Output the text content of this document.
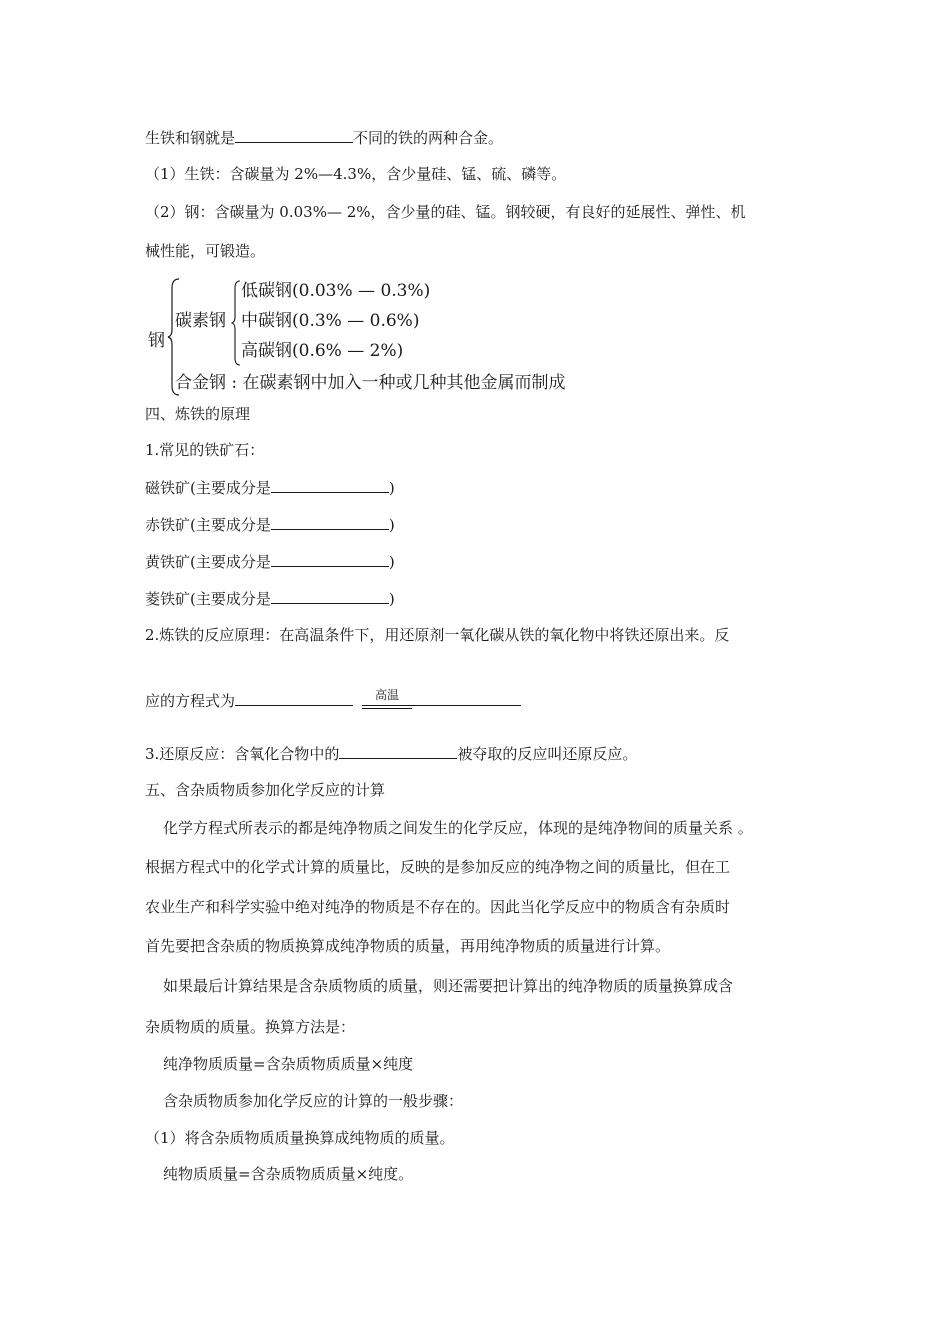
生铁和钢就是	不同的铁的两种合金。
（1）生铁：含碳量为 2%—4.3%，含少量硅、锰、硫、磷等。
（2）钢：含碳量为 0.03%— 2%，含少量的硅、锰。钢较硬，有良好的延展性、弹性、机
械性能，可锻造。
钢
碳素钢
低碳钢(0.03% — 0.3%)
中碳钢(0.3% — 0.6%)
高碳钢(0.6% — 2%)
合金钢 : 在碳素钢中加入一种或几种其他金属而制成
四、炼铁的原理
1.常见的铁矿石：
磁铁矿(主要成分是	)
赤铁矿(主要成分是	)
黄铁矿(主要成分是	)
菱铁矿(主要成分是	)
2.炼铁的反应原理：在高温条件下，用还原剂一氧化碳从铁的氧化物中将铁还原出来。反
应的方程式为	高温
3.还原反应：含氧化合物中的	被夺取的反应叫还原反应。
五、含杂质物质参加化学反应的计算
化学方程式所表示的都是纯净物质之间发生的化学反应，体现的是纯净物间的质量关系 。
根据方程式中的化学式计算的质量比，反映的是参加反应的纯净物之间的质量比，但在工
农业生产和科学实验中绝对纯净的物质是不存在的。因此当化学反应中的物质含有杂质时
首先要把含杂质的物质换算成纯净物质的质量，再用纯净物质的质量进行计算。
如果最后计算结果是含杂质物质的质量，则还需要把计算出的纯净物质的质量换算成含
杂质物质的质量。换算方法是：
纯净物质质量=含杂质物质质量×纯度
含杂质物质参加化学反应的计算的一般步骤：
（1）将含杂质物质质量换算成纯物质的质量。
纯物质质量=含杂质物质质量×纯度。
